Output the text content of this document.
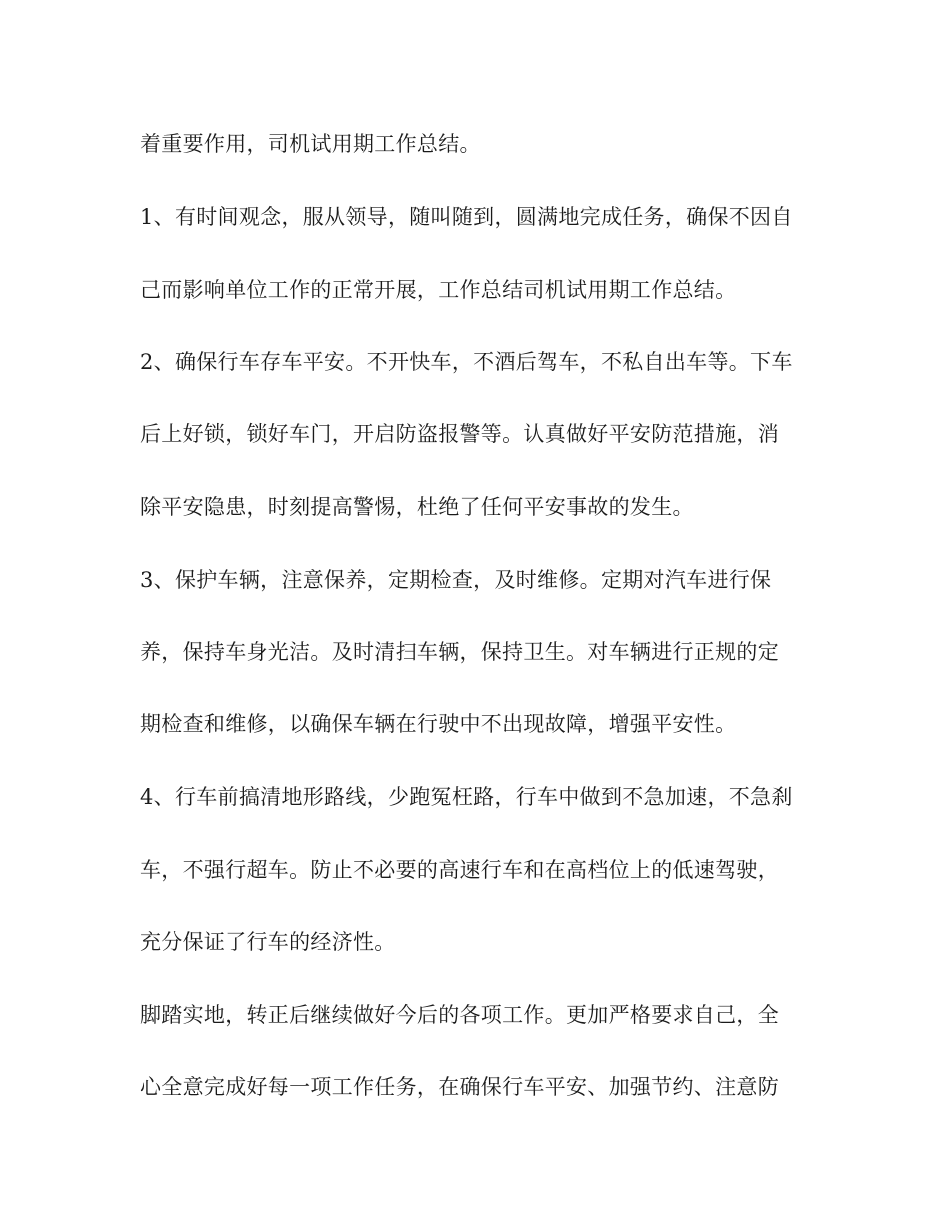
着重要作用，司机试用期工作总结。
1、有时间观念，服从领导，随叫随到，圆满地完成任务，确保不因自
己而影响单位工作的正常开展，工作总结司机试用期工作总结。
2、确保行车存车平安。不开快车，不酒后驾车，不私自出车等。下车
后上好锁，锁好车门，开启防盗报警等。认真做好平安防范措施，消
除平安隐患，时刻提高警惕，杜绝了任何平安事故的发生。
3、保护车辆，注意保养，定期检查，及时维修。定期对汽车进行保
养，保持车身光洁。及时清扫车辆，保持卫生。对车辆进行正规的定
期检查和维修，以确保车辆在行驶中不出现故障，增强平安性。
4、行车前搞清地形路线，少跑冤枉路，行车中做到不急加速，不急刹
车，不强行超车。防止不必要的高速行车和在高档位上的低速驾驶，
充分保证了行车的经济性。
脚踏实地，转正后继续做好今后的各项工作。更加严格要求自己，全
心全意完成好每一项工作任务，在确保行车平安、加强节约、注意防
